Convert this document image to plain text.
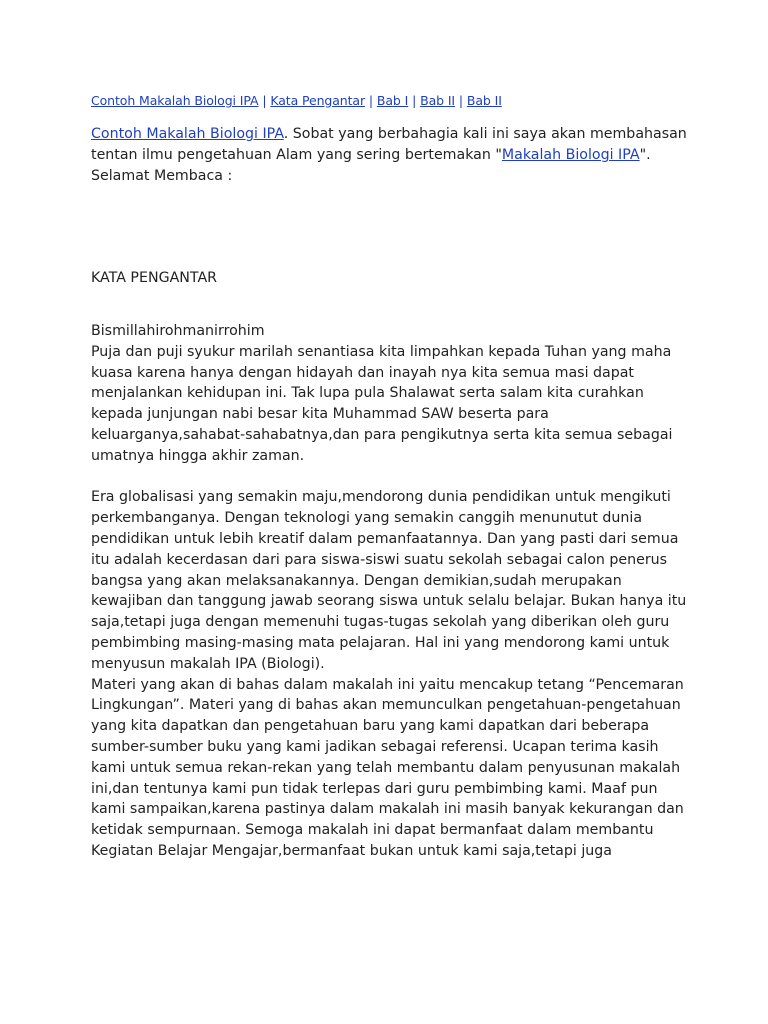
Contoh Makalah Biologi IPA | Kata Pengantar | Bab I | Bab II | Bab II
Contoh Makalah Biologi IPA. Sobat yang berbahagia kali ini saya akan membahasan tentan ilmu pengetahuan Alam yang sering bertemakan "Makalah Biologi IPA". Selamat Membaca :
KATA PENGANTAR

Bismillahirohmanirrohim

Puja dan puji syukur marilah senantiasa kita limpahkan kepada Tuhan yang maha kuasa karena hanya dengan hidayah dan inayah nya kita semua masi dapat menjalankan kehidupan ini. Tak lupa pula Shalawat serta salam kita curahkan kepada junjungan nabi besar kita Muhammad SAW beserta para keluarganya,sahabat-sahabatnya,dan para pengikutnya serta kita semua sebagai umatnya hingga akhir zaman.

Era globalisasi yang semakin maju,mendorong dunia pendidikan untuk mengikuti perkembanganya. Dengan teknologi yang semakin canggih menunutut dunia pendidikan untuk lebih kreatif dalam pemanfaatannya. Dan yang pasti dari semua itu adalah kecerdasan dari para siswa-siswi suatu sekolah sebagai calon penerus bangsa yang akan melaksanakannya. Dengan demikian,sudah merupakan kewajiban dan tanggung jawab seorang siswa untuk selalu belajar. Bukan hanya itu saja,tetapi juga dengan memenuhi tugas-tugas sekolah yang diberikan oleh guru pembimbing masing-masing mata pelajaran. Hal ini yang mendorong kami untuk menyusun makalah IPA (Biologi).

Materi yang akan di bahas dalam makalah ini yaitu mencakup tetang “Pencemaran Lingkungan”. Materi yang di bahas akan memunculkan pengetahuan-pengetahuan yang kita dapatkan dan pengetahuan baru yang kami dapatkan dari beberapa sumber-sumber buku yang kami jadikan sebagai referensi. Ucapan terima kasih kami untuk semua rekan-rekan yang telah membantu dalam penyusunan makalah ini,dan tentunya kami pun tidak terlepas dari guru pembimbing kami. Maaf pun kami sampaikan,karena pastinya dalam makalah ini masih banyak kekurangan dan ketidak sempurnaan. Semoga makalah ini dapat bermanfaat dalam membantu Kegiatan Belajar Mengajar,bermanfaat bukan untuk kami saja,tetapi juga
